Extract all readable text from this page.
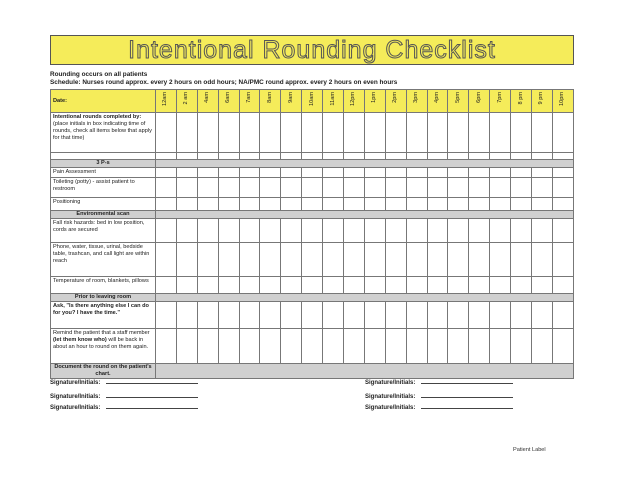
Intentional Rounding Checklist
Rounding occurs on all patients
Schedule: Nurses round approx. every 2 hours on odd hours; NA/PMC round approx. every 2 hours on even hours
Date:	12am	2 am	4am	6am	7am	8am	9am	10am	11am	12pm	1pm	2pm	3pm	4pm	5pm	6pm	7pm	8 pm	9 pm	10pm

Intentional rounds completed by: (place initials in box indicating time of rounds, check all items below that apply for that time)																				

3 P-s																				
Pain Assessment																				
Toileting (potty) - assist patient to restroom																				
Positioning																				
Environmental scan																				
Fall risk hazards: bed in low position, cords are secured																				
Phone, water, tissue, urinal, bedside table, trashcan, and call light are within reach																				
Temperature of room, blankets, pillows																				
Prior to leaving room																				
Ask, "Is there anything else I can do for you? I have the time."																				
Remind the patient that a staff member (let them know who) will be back in about an hour to round on them again.																				
Document the round on the patient's chart.																				
Signature/Initials:
Signature/Initials:
Signature/Initials:
Signature/Initials:
Signature/Initials:
Signature/Initials:
Patient Label
